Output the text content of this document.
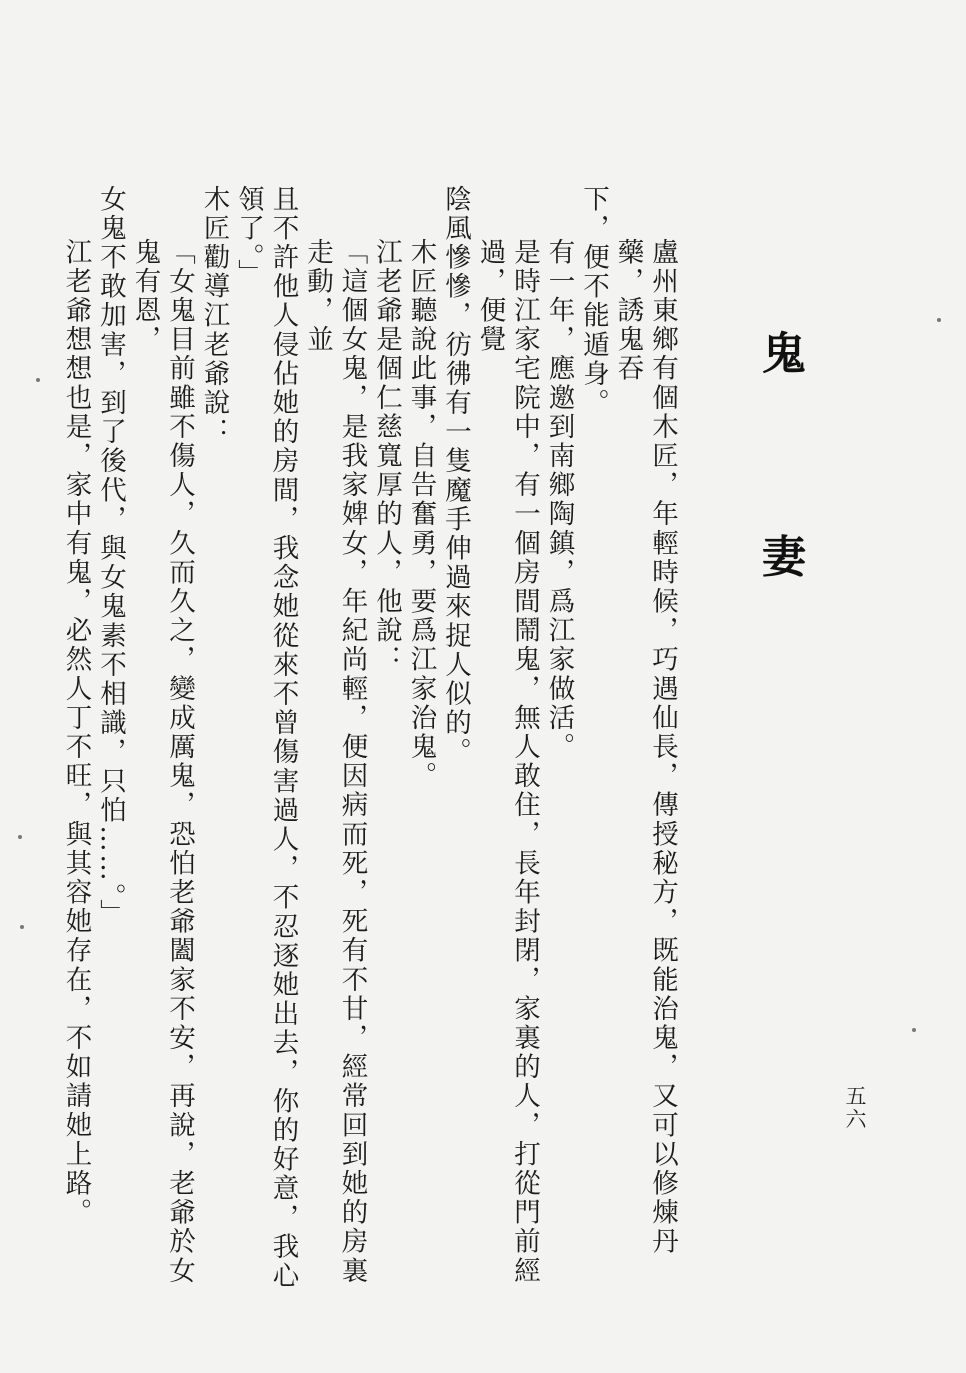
鬼 妻

盧州東鄉有個木匠，年輕時候，巧遇仙長，傳授秘方，既能治鬼，又可以修煉丹藥，誘鬼吞

下，便不能遁身。

有一年，應邀到南鄉陶鎮，爲江家做活。

是時江家宅院中，有一個房間鬧鬼，無人敢住，長年封閉，家裏的人，打從門前經過，便覺

陰風慘慘，彷彿有一隻魔手伸過來捉人似的。

木匠聽說此事，自告奮勇，要爲江家治鬼。

江老爺是個仁慈寬厚的人，他說：

「這個女鬼，是我家婢女，年紀尚輕，便因病而死，死有不甘，經常回到她的房裏走動，並

且不許他人侵佔她的房間，我念她從來不曾傷害過人，不忍逐她出去，你的好意，我心領了。」

木匠勸導江老爺說：

「女鬼目前雖不傷人，久而久之，變成厲鬼，恐怕老爺闔家不安，再說，老爺於女鬼有恩，

女鬼不敢加害，到了後代，與女鬼素不相識，只怕……。」

江老爺想想也是，家中有鬼，必然人丁不旺，與其容她存在，不如請她上路。	五六
